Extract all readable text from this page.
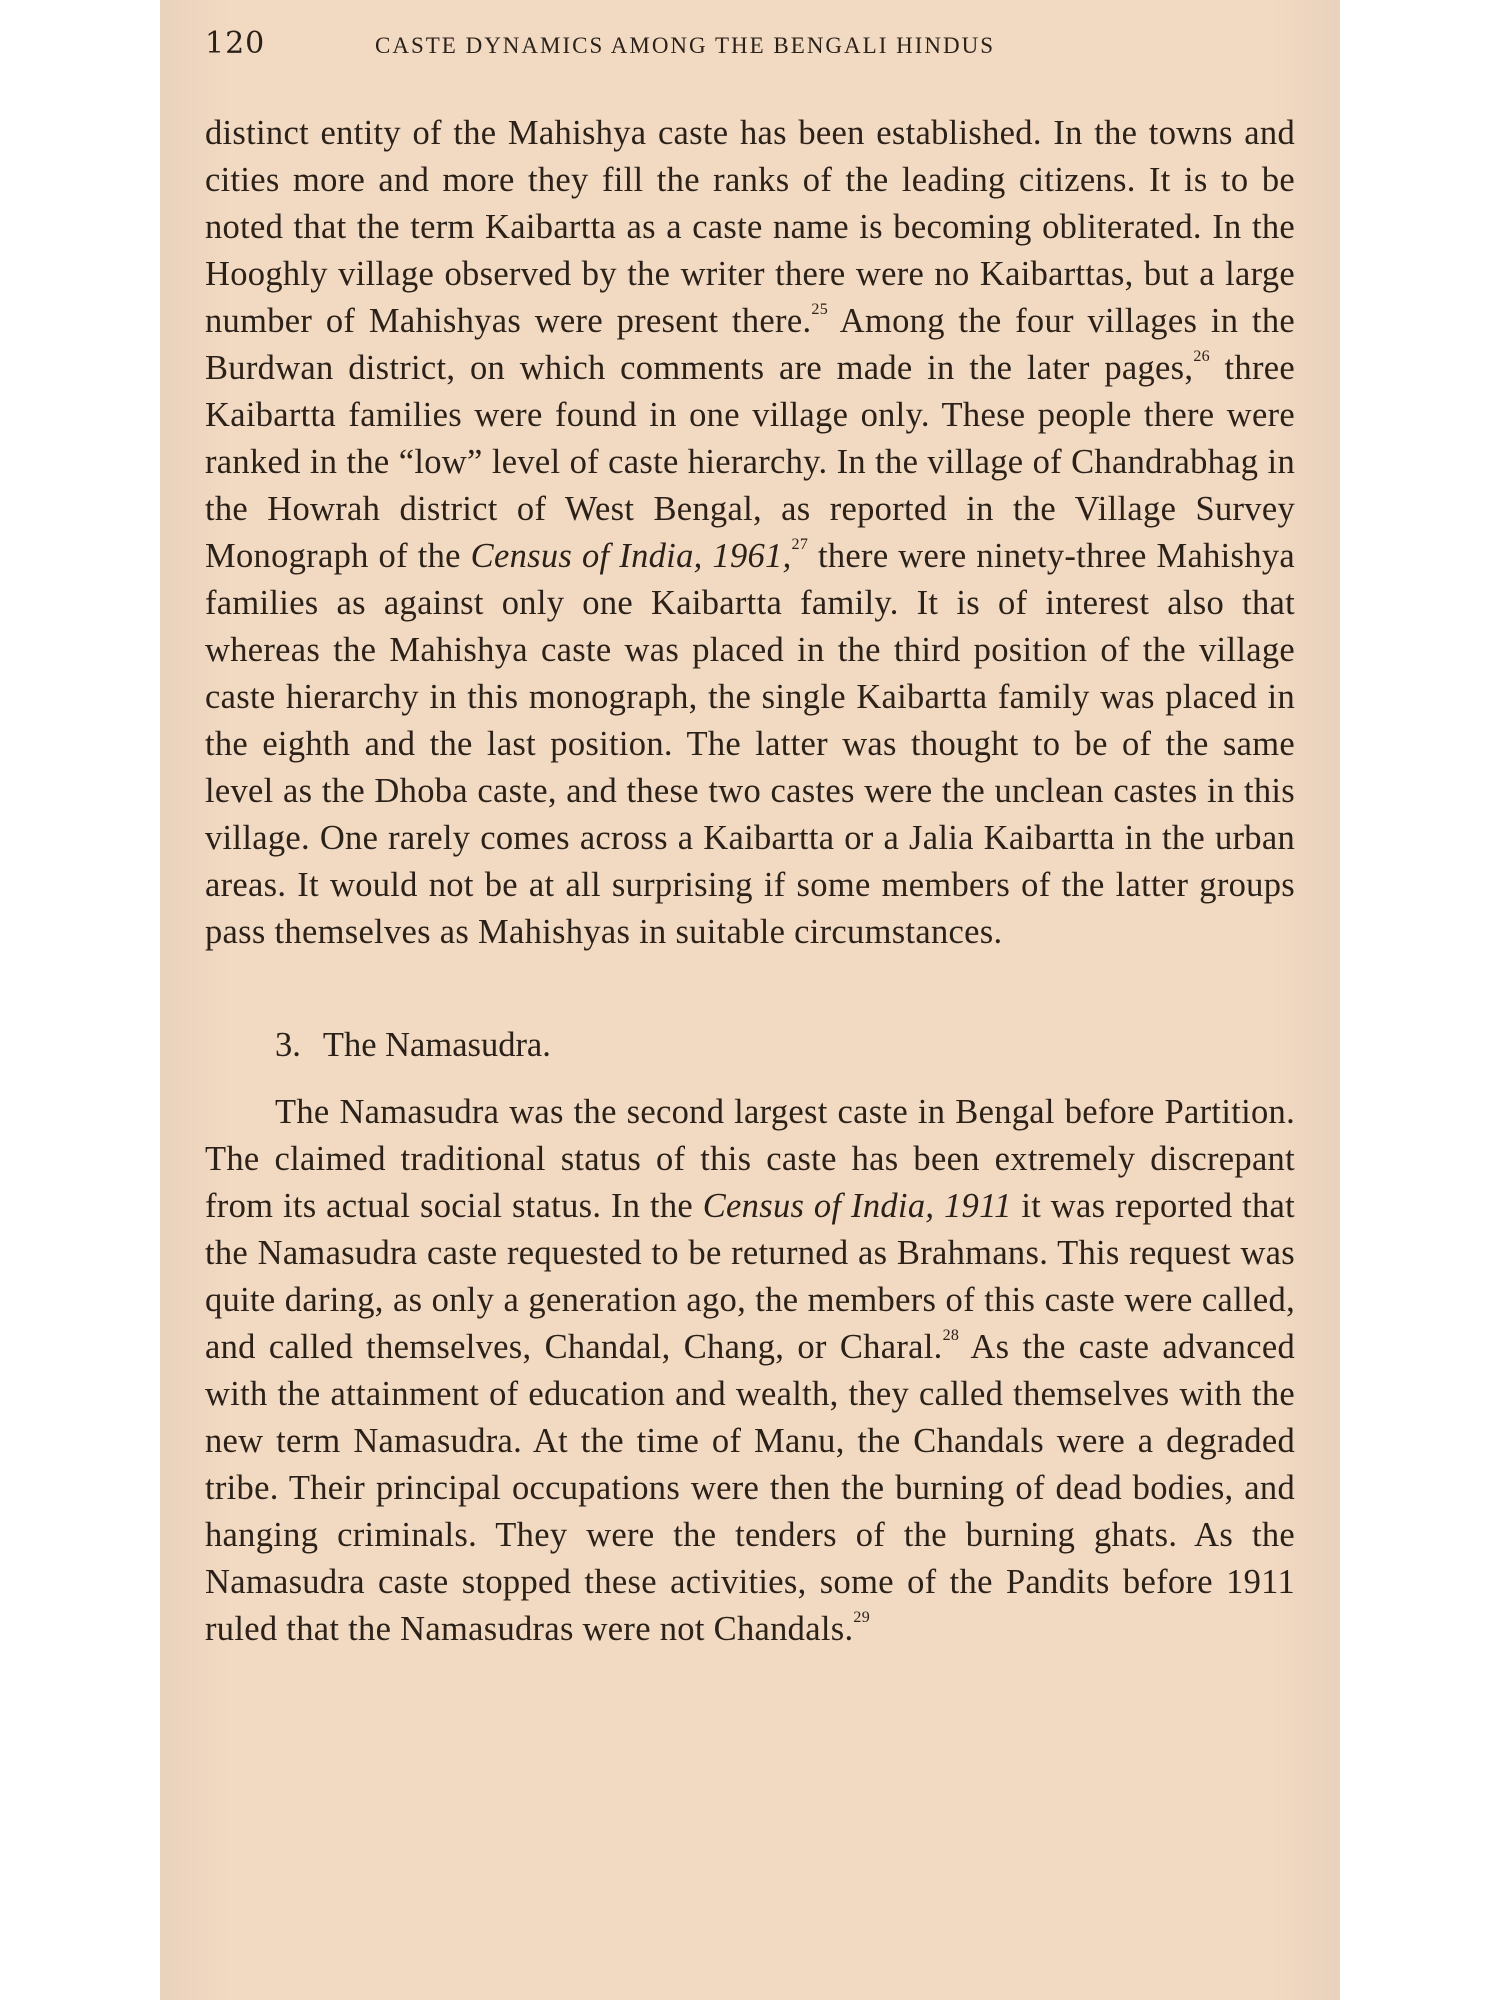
120	CASTE DYNAMICS AMONG THE BENGALI HINDUS

distinct entity of the Mahishya caste has been established. In the towns and cities more and more they fill the ranks of the leading citizens. It is to be noted that the term Kaibartta as a caste name is becoming obliterated. In the Hooghly village observed by the writer there were no Kaibarttas, but a large number of Mahishyas were present there.$^{25}$ Among the four villages in the Burdwan district, on which comments are made in the later pages,$^{26}$ three Kaibartta families were found in one village only. These people there were ranked in the “low” level of caste hierarchy. In the village of Chandrabhag in the Howrah district of West Bengal, as reported in the Village Survey Monograph of the Census of India, 1961,27 there were ninety-three Mahishya families as against only one Kaibartta family. It is of interest also that whereas the Mahishya caste was placed in the third position of the village caste hierarchy in this monograph, the single Kaibartta family was placed in the eighth and the last position. The latter was thought to be of the same level as the Dhoba caste, and these two castes were the unclean castes in this village. One rarely comes across a Kaibartta or a Jalia Kaibartta in the urban areas. It would not be at all surprising if some members of the latter groups pass themselves as Mahishyas in suitable circumstances.

3. The Namasudra.

The Namasudra was the second largest caste in Bengal before Partition. The claimed traditional status of this caste has been extremely discrepant from its actual social status. In the Census of India, 1911 it was reported that the Namasudra caste requested to be returned as Brahmans. This request was quite daring, as only a generation ago, the members of this caste were called, and called themselves, Chandal, Chang, or Charal.$^{28}$ As the caste advanced with the attainment of education and wealth, they called themselves with the new term Namasudra. At the time of Manu, the Chandals were a degraded tribe. Their principal occupations were then the burning of dead bodies, and hanging criminals. They were the tenders of the burning ghats. As the Namasudra caste stopped these activities, some of the Pandits before 1911 ruled that the Namasudras were not Chandals.$^{29}$
